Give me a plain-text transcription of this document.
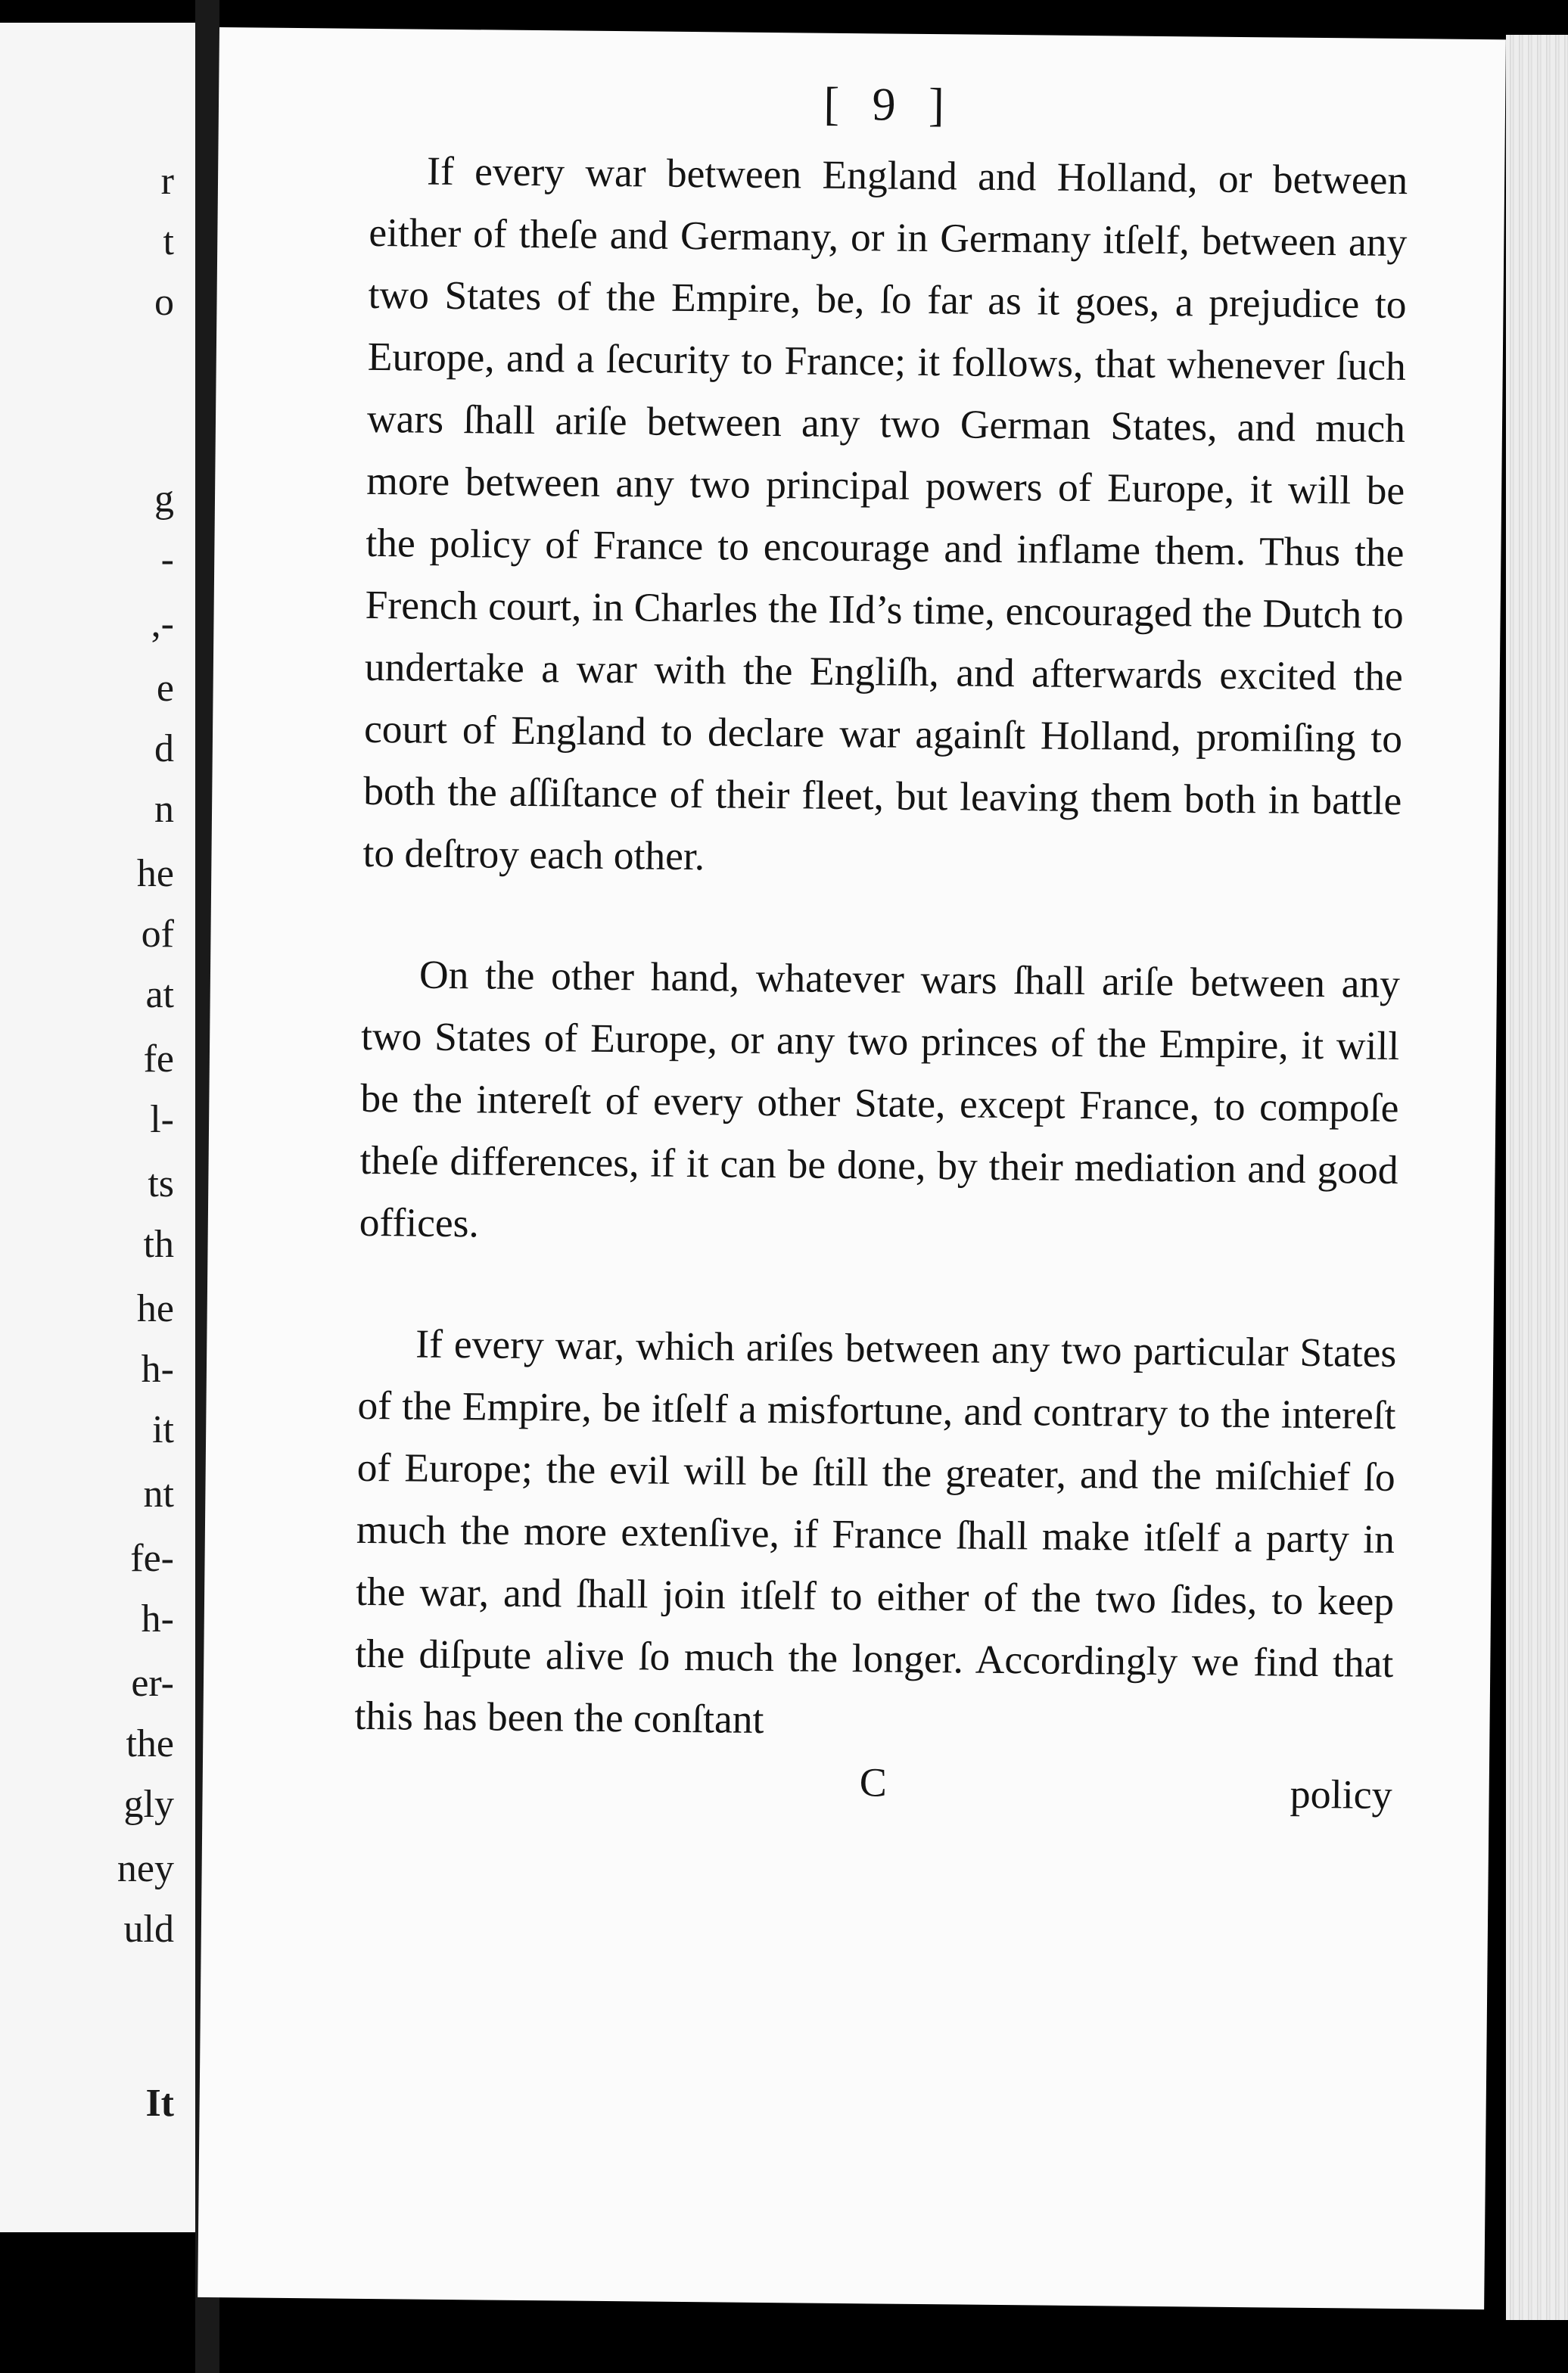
r
t
o
g
-
,-
e
d
n
he
of
at
fe
l-
ts
th
he
h-
it
nt
fe-
h-
er-
the
gly
ney
uld
It
[ 9 ]

If every war between England and Holland, or between either of theſe and Germany, or in Germany itſelf, between any two States of the Empire, be, ſo far as it goes, a prejudice to Europe, and a ſecurity to France; it follows, that whenever ſuch wars ſhall ariſe between any two German States, and much more between any two principal powers of Europe, it will be the policy of France to encourage and inflame them. Thus the French court, in Charles the IId’s time, encouraged the Dutch to undertake a war with the Engliſh, and afterwards excited the court of England to declare war againſt Holland, promiſing to both the aſſiſtance of their fleet, but leaving them both in battle to deſtroy each other.

On the other hand, whatever wars ſhall ariſe between any two States of Europe, or any two princes of the Empire, it will be the intereſt of every other State, except France, to compoſe theſe differences, if it can be done, by their mediation and good offices.

If every war, which ariſes between any two particular States of the Empire, be itſelf a misfortune, and contrary to the intereſt of Europe; the evil will be ſtill the greater, and the miſchief ſo much the more extenſive, if France ſhall make itſelf a party in the war, and ſhall join itſelf to either of the two ſides, to keep the diſpute alive ſo much the longer. Accordingly we find that this has been the conſtant

C	policy
